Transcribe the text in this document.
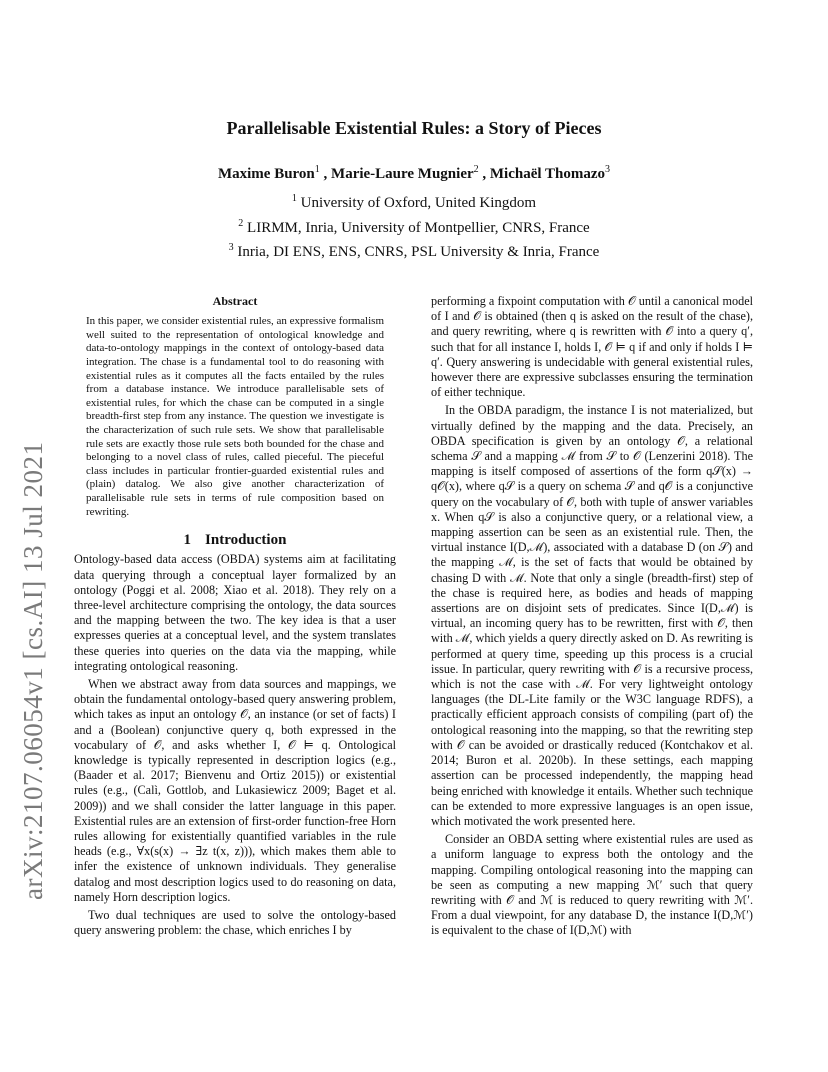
arXiv:2107.06054v1 [cs.AI] 13 Jul 2021
Parallelisable Existential Rules: a Story of Pieces
Maxime Buron$^1$ , Marie-Laure Mugnier$^2$ , Michaël Thomazo$^3$
$^1$ University of Oxford, United Kingdom
$^2$ LIRMM, Inria, University of Montpellier, CNRS, France
$^3$ Inria, DI ENS, ENS, CNRS, PSL University & Inria, France
Abstract

In this paper, we consider existential rules, an expressive formalism well suited to the representation of ontological knowledge and data-to-ontology mappings in the context of ontology-based data integration. The chase is a fundamental tool to do reasoning with existential rules as it computes all the facts entailed by the rules from a database instance. We introduce parallelisable sets of existential rules, for which the chase can be computed in a single breadth-first step from any instance. The question we investigate is the characterization of such rule sets. We show that parallelisable rule sets are exactly those rule sets both bounded for the chase and belonging to a novel class of rules, called pieceful. The pieceful class includes in particular frontier-guarded existential rules and (plain) datalog. We also give another characterization of parallelisable rule sets in terms of rule composition based on rewriting.

1 Introduction

Ontology-based data access (OBDA) systems aim at facilitating data querying through a conceptual layer formalized by an ontology (Poggi et al. 2008; Xiao et al. 2018). They rely on a three-level architecture comprising the ontology, the data sources and the mapping between the two. The key idea is that a user expresses queries at a conceptual level, and the system translates these queries into queries on the data via the mapping, while integrating ontological reasoning.

When we abstract away from data sources and mappings, we obtain the fundamental ontology-based query answering problem, which takes as input an ontology 𝒪, an instance (or set of facts) I and a (Boolean) conjunctive query q, both expressed in the vocabulary of 𝒪, and asks whether I, 𝒪 ⊨ q. Ontological knowledge is typically represented in description logics (e.g., (Baader et al. 2017; Bienvenu and Ortiz 2015)) or existential rules (e.g., (Calì, Gottlob, and Lukasiewicz 2009; Baget et al. 2009)) and we shall consider the latter language in this paper. Existential rules are an extension of first-order function-free Horn rules allowing for existentially quantified variables in the rule heads (e.g., ∀x(s(x) → ∃z t(x, z))), which makes them able to infer the existence of unknown individuals. They generalise datalog and most description logics used to do reasoning on data, namely Horn description logics.

Two dual techniques are used to solve the ontology-based query answering problem: the chase, which enriches I by

performing a fixpoint computation with 𝒪 until a canonical model of I and 𝒪 is obtained (then q is asked on the result of the chase), and query rewriting, where q is rewritten with 𝒪 into a query q′, such that for all instance I, holds I, 𝒪 ⊨ q if and only if holds I ⊨ q′. Query answering is undecidable with general existential rules, however there are expressive subclasses ensuring the termination of either technique.

In the OBDA paradigm, the instance I is not materialized, but virtually defined by the mapping and the data. Precisely, an OBDA specification is given by an ontology 𝒪, a relational schema 𝒮 and a mapping ℳ from 𝒮 to 𝒪 (Lenzerini 2018). The mapping is itself composed of assertions of the form q𝒮(x) → q𝒪(x), where q𝒮 is a query on schema 𝒮 and q𝒪 is a conjunctive query on the vocabulary of 𝒪, both with tuple of answer variables x. When q𝒮 is also a conjunctive query, or a relational view, a mapping assertion can be seen as an existential rule. Then, the virtual instance I(D,ℳ), associated with a database D (on 𝒮) and the mapping ℳ, is the set of facts that would be obtained by chasing D with ℳ. Note that only a single (breadth-first) step of the chase is required here, as bodies and heads of mapping assertions are on disjoint sets of predicates. Since I(D,ℳ) is virtual, an incoming query has to be rewritten, first with 𝒪, then with ℳ, which yields a query directly asked on D. As rewriting is performed at query time, speeding up this process is a crucial issue. In particular, query rewriting with 𝒪 is a recursive process, which is not the case with ℳ. For very lightweight ontology languages (the DL-Lite family or the W3C language RDFS), a practically efficient approach consists of compiling (part of) the ontological reasoning into the mapping, so that the rewriting step with 𝒪 can be avoided or drastically reduced (Kontchakov et al. 2014; Buron et al. 2020b). In these settings, each mapping assertion can be processed independently, the mapping head being enriched with knowledge it entails. Whether such technique can be extended to more expressive languages is an open issue, which motivated the work presented here.

Consider an OBDA setting where existential rules are used as a uniform language to express both the ontology and the mapping. Compiling ontological reasoning into the mapping can be seen as computing a new mapping ℳ′ such that query rewriting with 𝒪 and ℳ is reduced to query rewriting with ℳ′. From a dual viewpoint, for any database D, the instance I(D,ℳ′) is equivalent to the chase of I(D,ℳ) with
